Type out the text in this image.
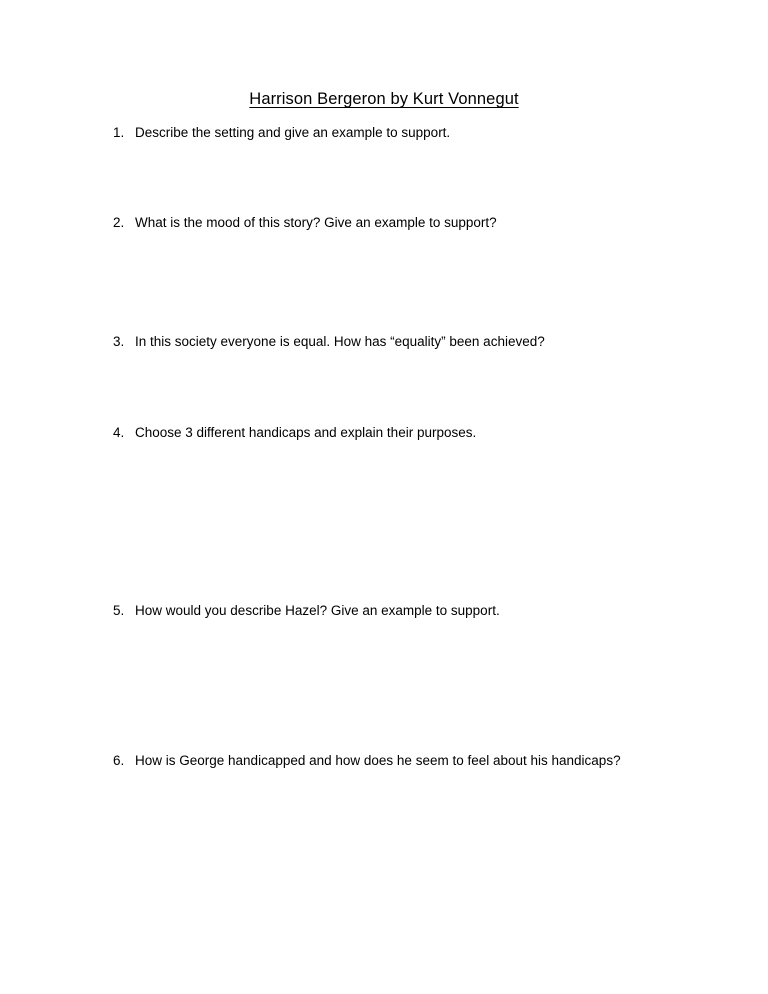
Harrison Bergeron by Kurt Vonnegut
1. Describe the setting and give an example to support.
2. What is the mood of this story? Give an example to support?
3. In this society everyone is equal. How has “equality” been achieved?
4. Choose 3 different handicaps and explain their purposes.
5. How would you describe Hazel? Give an example to support.
6. How is George handicapped and how does he seem to feel about his handicaps?
